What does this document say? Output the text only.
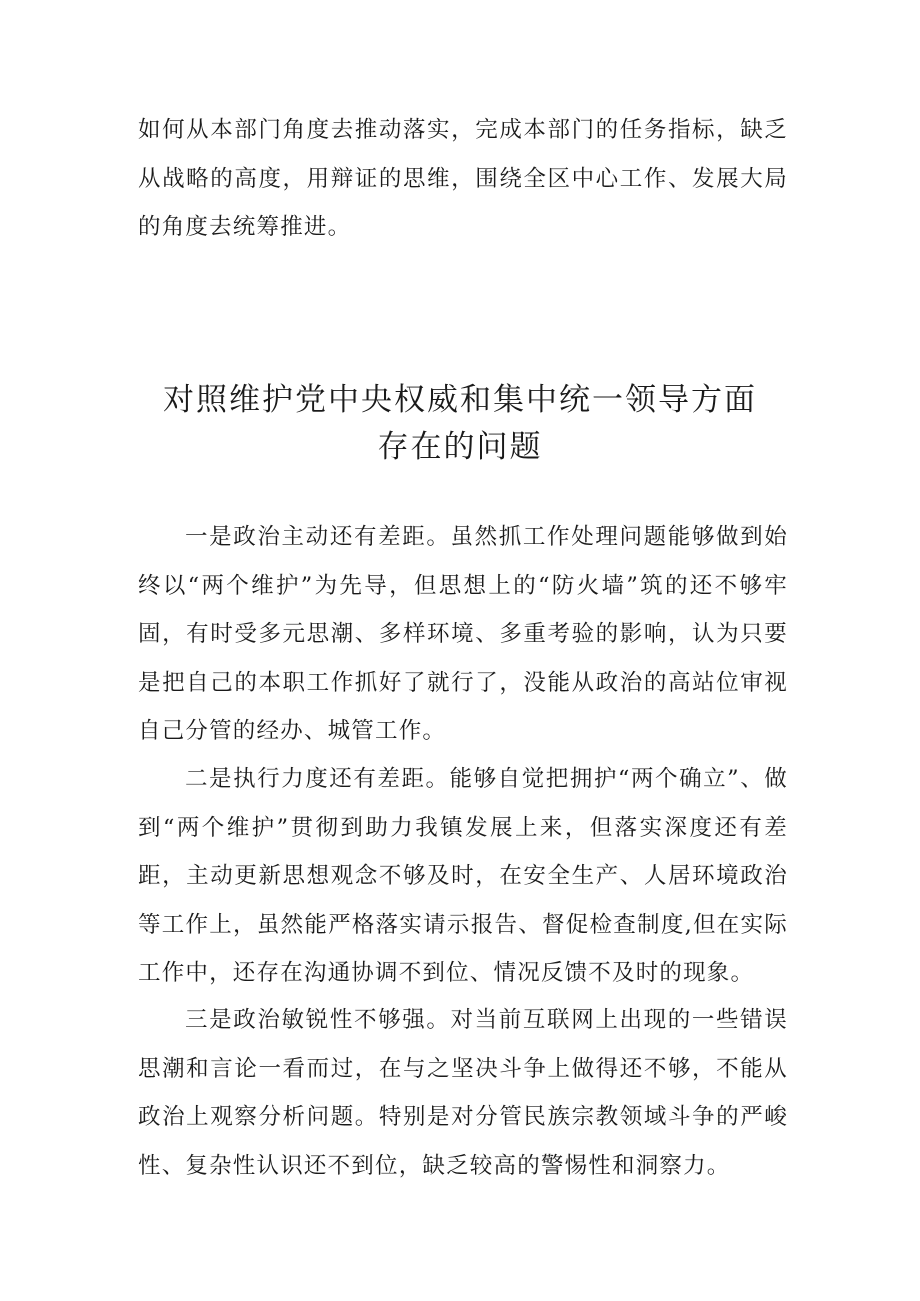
如何从本部门角度去推动落实，完成本部门的任务指标，缺乏从战略的高度，用辩证的思维，围绕全区中心工作、发展大局的角度去统筹推进。

对照维护党中央权威和集中统一领导方面
存在的问题

一是政治主动还有差距。虽然抓工作处理问题能够做到始终以“两个维护”为先导，但思想上的“防火墙”筑的还不够牢固，有时受多元思潮、多样环境、多重考验的影响，认为只要是把自己的本职工作抓好了就行了，没能从政治的高站位审视自己分管的经办、城管工作。

二是执行力度还有差距。能够自觉把拥护“两个确立”、做到“两个维护”贯彻到助力我镇发展上来，但落实深度还有差距，主动更新思想观念不够及时，在安全生产、人居环境政治等工作上，虽然能严格落实请示报告、督促检查制度,但在实际工作中，还存在沟通协调不到位、情况反馈不及时的现象。

三是政治敏锐性不够强。对当前互联网上出现的一些错误思潮和言论一看而过，在与之坚决斗争上做得还不够，不能从政治上观察分析问题。特别是对分管民族宗教领域斗争的严峻性、复杂性认识还不到位，缺乏较高的警惕性和洞察力。
